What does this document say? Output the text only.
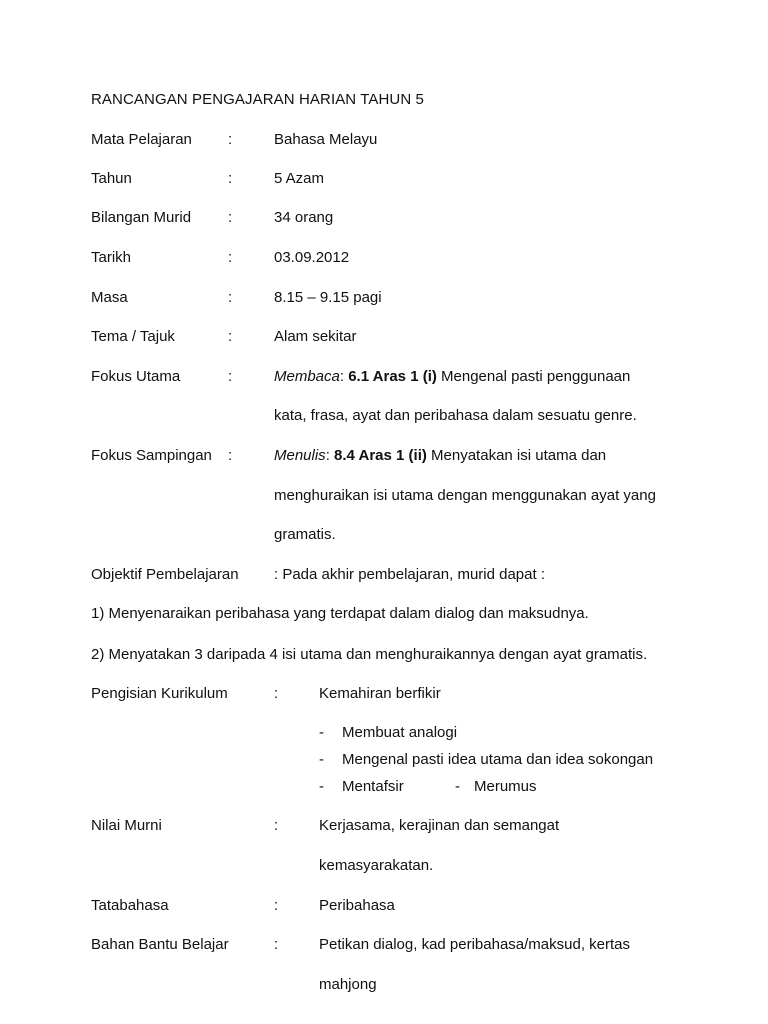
RANCANGAN PENGAJARAN HARIAN TAHUN 5
Mata Pelajaran :	Bahasa Melayu
Tahun	:	5 Azam
Bilangan Murid :	34 orang
Tarikh	:	03.09.2012
Masa	:	8.15 – 9.15 pagi
Tema / Tajuk	:	Alam sekitar
Fokus Utama	:	Membaca: 6.1 Aras 1 (i) Mengenal pasti penggunaan
kata, frasa, ayat dan peribahasa dalam sesuatu genre.
Fokus Sampingan :	Menulis: 8.4 Aras 1 (ii) Menyatakan isi utama dan
menghuraikan isi utama dengan menggunakan ayat yang
gramatis.
Objektif Pembelajaran : Pada akhir pembelajaran, murid dapat :
1) Menyenaraikan peribahasa yang terdapat dalam dialog dan maksudnya.
2) Menyatakan 3 daripada 4 isi utama dan menghuraikannya dengan ayat gramatis.
Pengisian Kurikulum	:	Kemahiran berfikir
- Membuat analogi
- Mengenal pasti idea utama dan idea sokongan
- Mentafsir	- Merumus
Nilai Murni	:	Kerjasama, kerajinan dan semangat
kemasyarakatan.
Tatabahasa	:	Peribahasa
Bahan Bantu Belajar	:	Petikan dialog, kad peribahasa/maksud, kertas
mahjong
